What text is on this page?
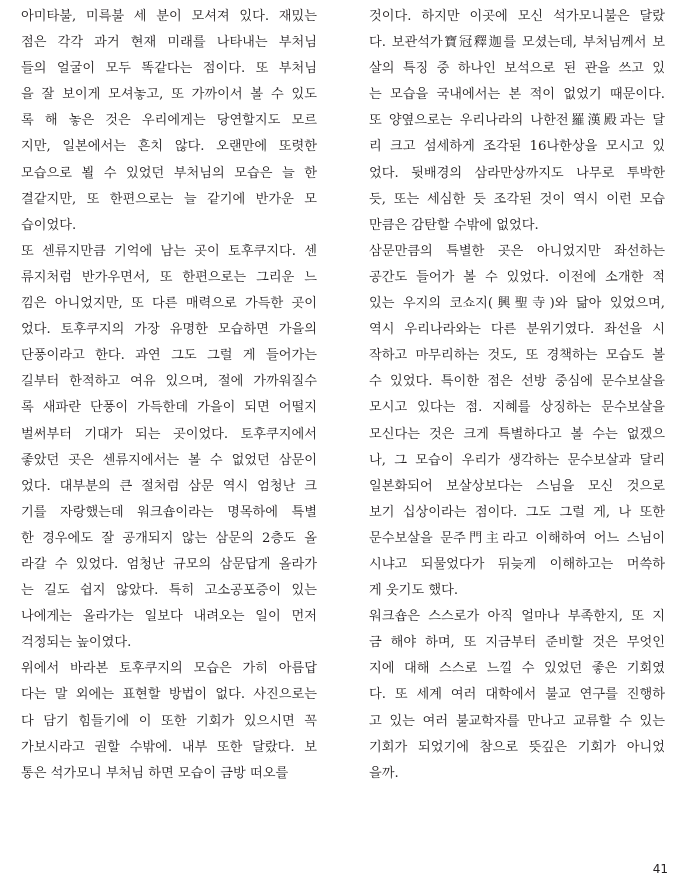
아미타불, 미륵불 세 분이 모셔져 있다. 재밌는
점은 각각 과거 현재 미래를 나타내는 부처님
들의 얼굴이 모두 똑같다는 점이다. 또 부처님
을 잘 보이게 모셔놓고, 또 가까이서 볼 수 있도
록 해 놓은 것은 우리에게는 당연할지도 모르
지만, 일본에서는 흔치 않다. 오랜만에 또렷한
모습으로 뵐 수 있었던 부처님의 모습은 늘 한
결같지만, 또 한편으로는 늘 같기에 반가운 모
습이었다.
또 센류지만큼 기억에 남는 곳이 토후쿠지다. 센
류지처럼 반가우면서, 또 한편으로는 그리운 느
낌은 아니었지만, 또 다른 매력으로 가득한 곳이
었다. 토후쿠지의 가장 유명한 모습하면 가을의
단풍이라고 한다. 과연 그도 그럴 게 들어가는
길부터 한적하고 여유 있으며, 절에 가까워질수
록 새파란 단풍이 가득한데 가을이 되면 어떨지
벌써부터 기대가 되는 곳이었다. 토후쿠지에서
좋았던 곳은 센류지에서는 볼 수 없었던 삼문이
었다. 대부분의 큰 절처럼 삼문 역시 엄청난 크
기를 자랑했는데 워크숍이라는 명목하에 특별
한 경우에도 잘 공개되지 않는 삼문의 2층도 올
라갈 수 있었다. 엄청난 규모의 삼문답게 올라가
는 길도 쉽지 않았다. 특히 고소공포증이 있는
나에게는 올라가는 일보다 내려오는 일이 먼저
걱정되는 높이였다.
위에서 바라본 토후쿠지의 모습은 가히 아름답
다는 말 외에는 표현할 방법이 없다. 사진으로는
다 담기 힘들기에 이 또한 기회가 있으시면 꼭
가보시라고 권할 수밖에. 내부 또한 달랐다. 보
통은 석가모니 부처님 하면 모습이 금방 떠오를
것이다. 하지만 이곳에 모신 석가모니불은 달랐
다. 보관석가寶冠釋迦를 모셨는데, 부처님께서 보
살의 특징 중 하나인 보석으로 된 관을 쓰고 있
는 모습을 국내에서는 본 적이 없었기 때문이다.
또 양옆으로는 우리나라의 나한전羅漢殿과는 달
리 크고 섬세하게 조각된 16나한상을 모시고 있
었다. 뒷배경의 삼라만상까지도 나무로 투박한
듯, 또는 세심한 듯 조각된 것이 역시 이런 모습
만큼은 감탄할 수밖에 없었다.
삼문만큼의 특별한 곳은 아니었지만 좌선하는
공간도 들어가 볼 수 있었다. 이전에 소개한 적
있는 우지의 코쇼지(興聖寺)와 닮아 있었으며,
역시 우리나라와는 다른 분위기였다. 좌선을 시
작하고 마무리하는 것도, 또 경책하는 모습도 볼
수 있었다. 특이한 점은 선방 중심에 문수보살을
모시고 있다는 점. 지혜를 상징하는 문수보살을
모신다는 것은 크게 특별하다고 볼 수는 없겠으
나, 그 모습이 우리가 생각하는 문수보살과 달리
일본화되어 보살상보다는 스님을 모신 것으로
보기 십상이라는 점이다. 그도 그럴 게, 나 또한
문수보살을 문주門主라고 이해하여 어느 스님이
시냐고 되물었다가 뒤늦게 이해하고는 머쓱하
게 웃기도 했다.
워크숍은 스스로가 아직 얼마나 부족한지, 또 지
금 해야 하며, 또 지금부터 준비할 것은 무엇인
지에 대해 스스로 느낄 수 있었던 좋은 기회였
다. 또 세계 여러 대학에서 불교 연구를 진행하
고 있는 여러 불교학자를 만나고 교류할 수 있는
기회가 되었기에 참으로 뜻깊은 기회가 아니었
을까.
41
